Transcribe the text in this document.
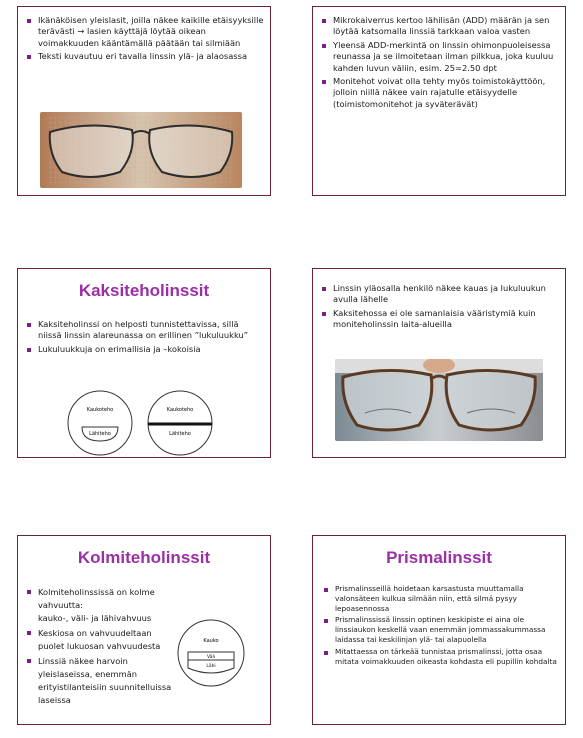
Ikänäköisen yleislasit, joilla näkee kaikille etäisyyksille terävästi → lasien käyttäjä löytää oikean voimakkuuden kääntämällä päätään tai silmiään
Teksti kuvautuu eri tavalla linssin ylä- ja alaosassa
Mikrokaiverrus kertoo lähilisän (ADD) määrän ja sen löytää katsomalla linssiä tarkkaan valoa vasten
Yleensä ADD-merkintä on linssin ohimonpuoleisessa reunassa ja se ilmoitetaan ilman pilkkua, joka kuuluu kahden luvun väliin, esim. 25=2.50 dpt
Monitehot voivat olla tehty myös toimistokäyttöön, jolloin niillä näkee vain rajatulle etäisyydelle (toimistomonitehot ja syväterävät)
Kaksiteholinssit
Kaksiteholinssi on helposti tunnistettavissa, sillä niissä linssin alareunassa on erillinen ”lukuluukku”
Lukuluukkuja on erimallisia ja –kokoisia
Kaukoteho
Lähiteho
Kaukoteho
Lähiteho
Linssin yläosalla henkilö näkee kauas ja lukuluukun avulla lähelle
Kaksitehossa ei ole samanlaisia vääristymiä kuin moniteholinssin laita-alueilla
Kolmiteholinssit
Kolmiteholinssissä on kolme vahvuutta:
kauko-, väli- ja lähivahvuus
Keskiosa on vahvuudeltaan
puolet lukuosan vahvuudesta
Linssiä näkee harvoin
yleislaseissa, enemmän
erityistilanteisiin suunnitelluissa laseissa
Kauko
Väli
Lähi
Prismalinssit
Prismalinsseillä hoidetaan karsastusta muuttamalla valonsäteen kulkua silmään niin, että silmä pysyy lepoasennossa
Prismalinssissä linssin optinen keskipiste ei aina ole linssiaukon keskellä vaan enemmän jommassakummassa laidassa tai keskilinjan ylä- tai alapuolella
Mitattaessa on tärkeää tunnistaa prismalinssi, jotta osaa mitata voimakkuuden oikeasta kohdasta eli pupillin kohdalta
